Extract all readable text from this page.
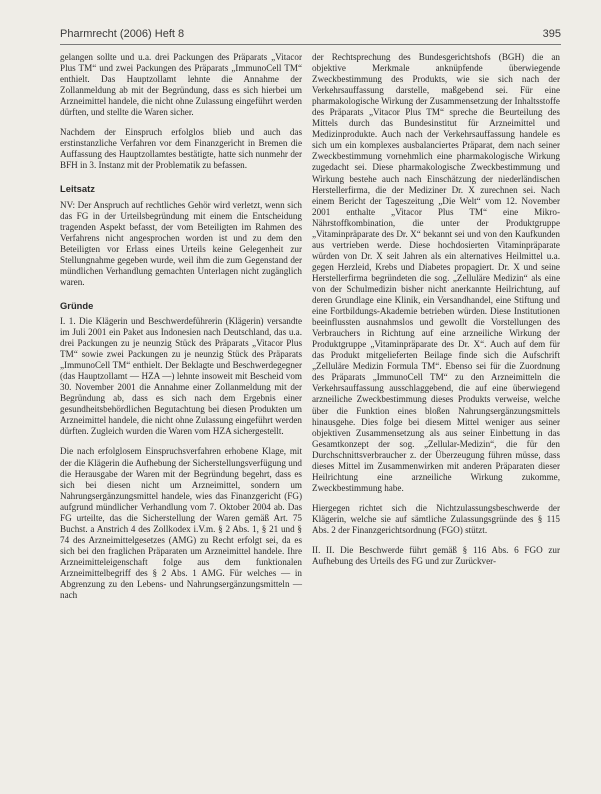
Pharmrecht (2006) Heft 8	395

gelangen sollte und u.a. drei Packungen des Präparats „Vitacor Plus TM“ und zwei Packungen des Präparats „ImmunoCell TM“ enthielt. Das Hauptzollamt lehnte die Annahme der Zollanmeldung ab mit der Begründung, dass es sich hierbei um Arzneimittel handele, die nicht ohne Zulassung eingeführt werden dürften, und stellte die Waren sicher.

Nachdem der Einspruch erfolglos blieb und auch das erstinstanzliche Verfahren vor dem Finanzgericht in Bremen die Auffassung des Hauptzollamtes bestätigte, hatte sich nunmehr der BFH in 3. Instanz mit der Problematik zu befassen.

Leitsatz

NV: Der Anspruch auf rechtliches Gehör wird verletzt, wenn sich das FG in der Urteilsbegründung mit einem die Entscheidung tragenden Aspekt befasst, der vom Beteiligten im Rahmen des Verfahrens nicht angesprochen worden ist und zu dem den Beteiligten vor Erlass eines Urteils keine Gelegenheit zur Stellungnahme gegeben wurde, weil ihm die zum Gegenstand der mündlichen Verhandlung gemachten Unterlagen nicht zugänglich waren.

Gründe

I. 1. Die Klägerin und Beschwerdeführerin (Klägerin) versandte im Juli 2001 ein Paket aus Indonesien nach Deutschland, das u.a. drei Packungen zu je neunzig Stück des Präparats „Vitacor Plus TM“ sowie zwei Packungen zu je neunzig Stück des Präparats „ImmunoCell TM“ enthielt. Der Beklagte und Beschwerdegegner (das Hauptzollamt — HZA —) lehnte insoweit mit Bescheid vom 30. November 2001 die Annahme einer Zollanmeldung mit der Begründung ab, dass es sich nach dem Ergebnis einer gesundheitsbehördlichen Begutachtung bei diesen Produkten um Arzneimittel handele, die nicht ohne Zulassung eingeführt werden dürften. Zugleich wurden die Waren vom HZA sichergestellt.

Die nach erfolglosem Einspruchsverfahren erhobene Klage, mit der die Klägerin die Aufhebung der Sicherstellungsverfügung und die Herausgabe der Waren mit der Begründung begehrt, dass es sich bei diesen nicht um Arzneimittel, sondern um Nahrungsergänzungsmittel handele, wies das Finanzgericht (FG) aufgrund mündlicher Verhandlung vom 7. Oktober 2004 ab. Das FG urteilte, das die Sicherstellung der Waren gemäß Art. 75 Buchst. a Anstrich 4 des Zollkodex i.V.m. § 2 Abs. 1, § 21 und § 74 des Arzneimittelgesetzes (AMG) zu Recht erfolgt sei, da es sich bei den fraglichen Präparaten um Arzneimittel handele. Ihre Arzneimitteleigenschaft folge aus dem funktionalen Arzneimittelbegriff des § 2 Abs. 1 AMG. Für welches — in Abgrenzung zu den Lebens- und Nahrungsergänzungsmitteln — nach

der Rechtsprechung des Bundesgerichtshofs (BGH) die an objektive Merkmale anknüpfende überwiegende Zweckbestimmung des Produkts, wie sie sich nach der Verkehrsauffassung darstelle, maßgebend sei. Für eine pharmakologische Wirkung der Zusammensetzung der Inhaltsstoffe des Präparats „Vitacor Plus TM“ spreche die Beurteilung des Mittels durch das Bundesinstitut für Arzneimittel und Medizinprodukte. Auch nach der Verkehrsauffassung handele es sich um ein komplexes ausbalanciertes Präparat, dem nach seiner Zweckbestimmung vornehmlich eine pharmakologische Wirkung zugedacht sei. Diese pharmakologische Zweckbestimmung und Wirkung bestehe auch nach Einschätzung der niederländischen Herstellerfirma, die der Mediziner Dr. X zurechnen sei. Nach einem Bericht der Tageszeitung „Die Welt“ vom 12. November 2001 enthalte „Vitacor Plus TM“ eine Mikro-Nährstoffkombination, die unter der Produktgruppe „Vitaminpräparate des Dr. X“ bekannt sei und von den Kaufkunden aus vertrieben werde. Diese hochdosierten Vitaminpräparate würden von Dr. X seit Jahren als ein alternatives Heilmittel u.a. gegen Herzleid, Krebs und Diabetes propagiert. Dr. X und seine Herstellerfirma begründeten die sog. „Zelluläre Medizin“ als eine von der Schulmedizin bisher nicht anerkannte Heilrichtung, auf deren Grundlage eine Klinik, ein Versandhandel, eine Stiftung und eine Fortbildungs-Akademie betrieben würden. Diese Institutionen beeinflussten ausnahmslos und gewollt die Vorstellungen des Verbrauchers in Richtung auf eine arzneiliche Wirkung der Produktgruppe „Vitaminpräparate des Dr. X“. Auch auf dem für das Produkt mitgelieferten Beilage finde sich die Aufschrift „Zelluläre Medizin Formula TM“. Ebenso sei für die Zuordnung des Präparats „ImmunoCell TM“ zu den Arzneimitteln die Verkehrsauffassung ausschlaggebend, die auf eine überwiegend arzneiliche Zweckbestimmung dieses Produkts verweise, welche über die Funktion eines bloßen Nahrungsergänzungsmittels hinausgehe. Dies folge bei diesem Mittel weniger aus seiner objektiven Zusammensetzung als aus seiner Einbettung in das Gesamtkonzept der sog. „Zellular-Medizin“, die für den Durchschnittsverbraucher z. der Überzeugung führen müsse, dass dieses Mittel im Zusammenwirken mit anderen Präparaten dieser Heilrichtung eine arzneiliche Wirkung zukomme, Zweckbestimmung habe.

Hiergegen richtet sich die Nichtzulassungsbeschwerde der Klägerin, welche sie auf sämtliche Zulassungsgründe des § 115 Abs. 2 der Finanzgerichtsordnung (FGO) stützt.

II. II. Die Beschwerde führt gemäß § 116 Abs. 6 FGO zur Aufhebung des Urteils des FG und zur Zurückver-
